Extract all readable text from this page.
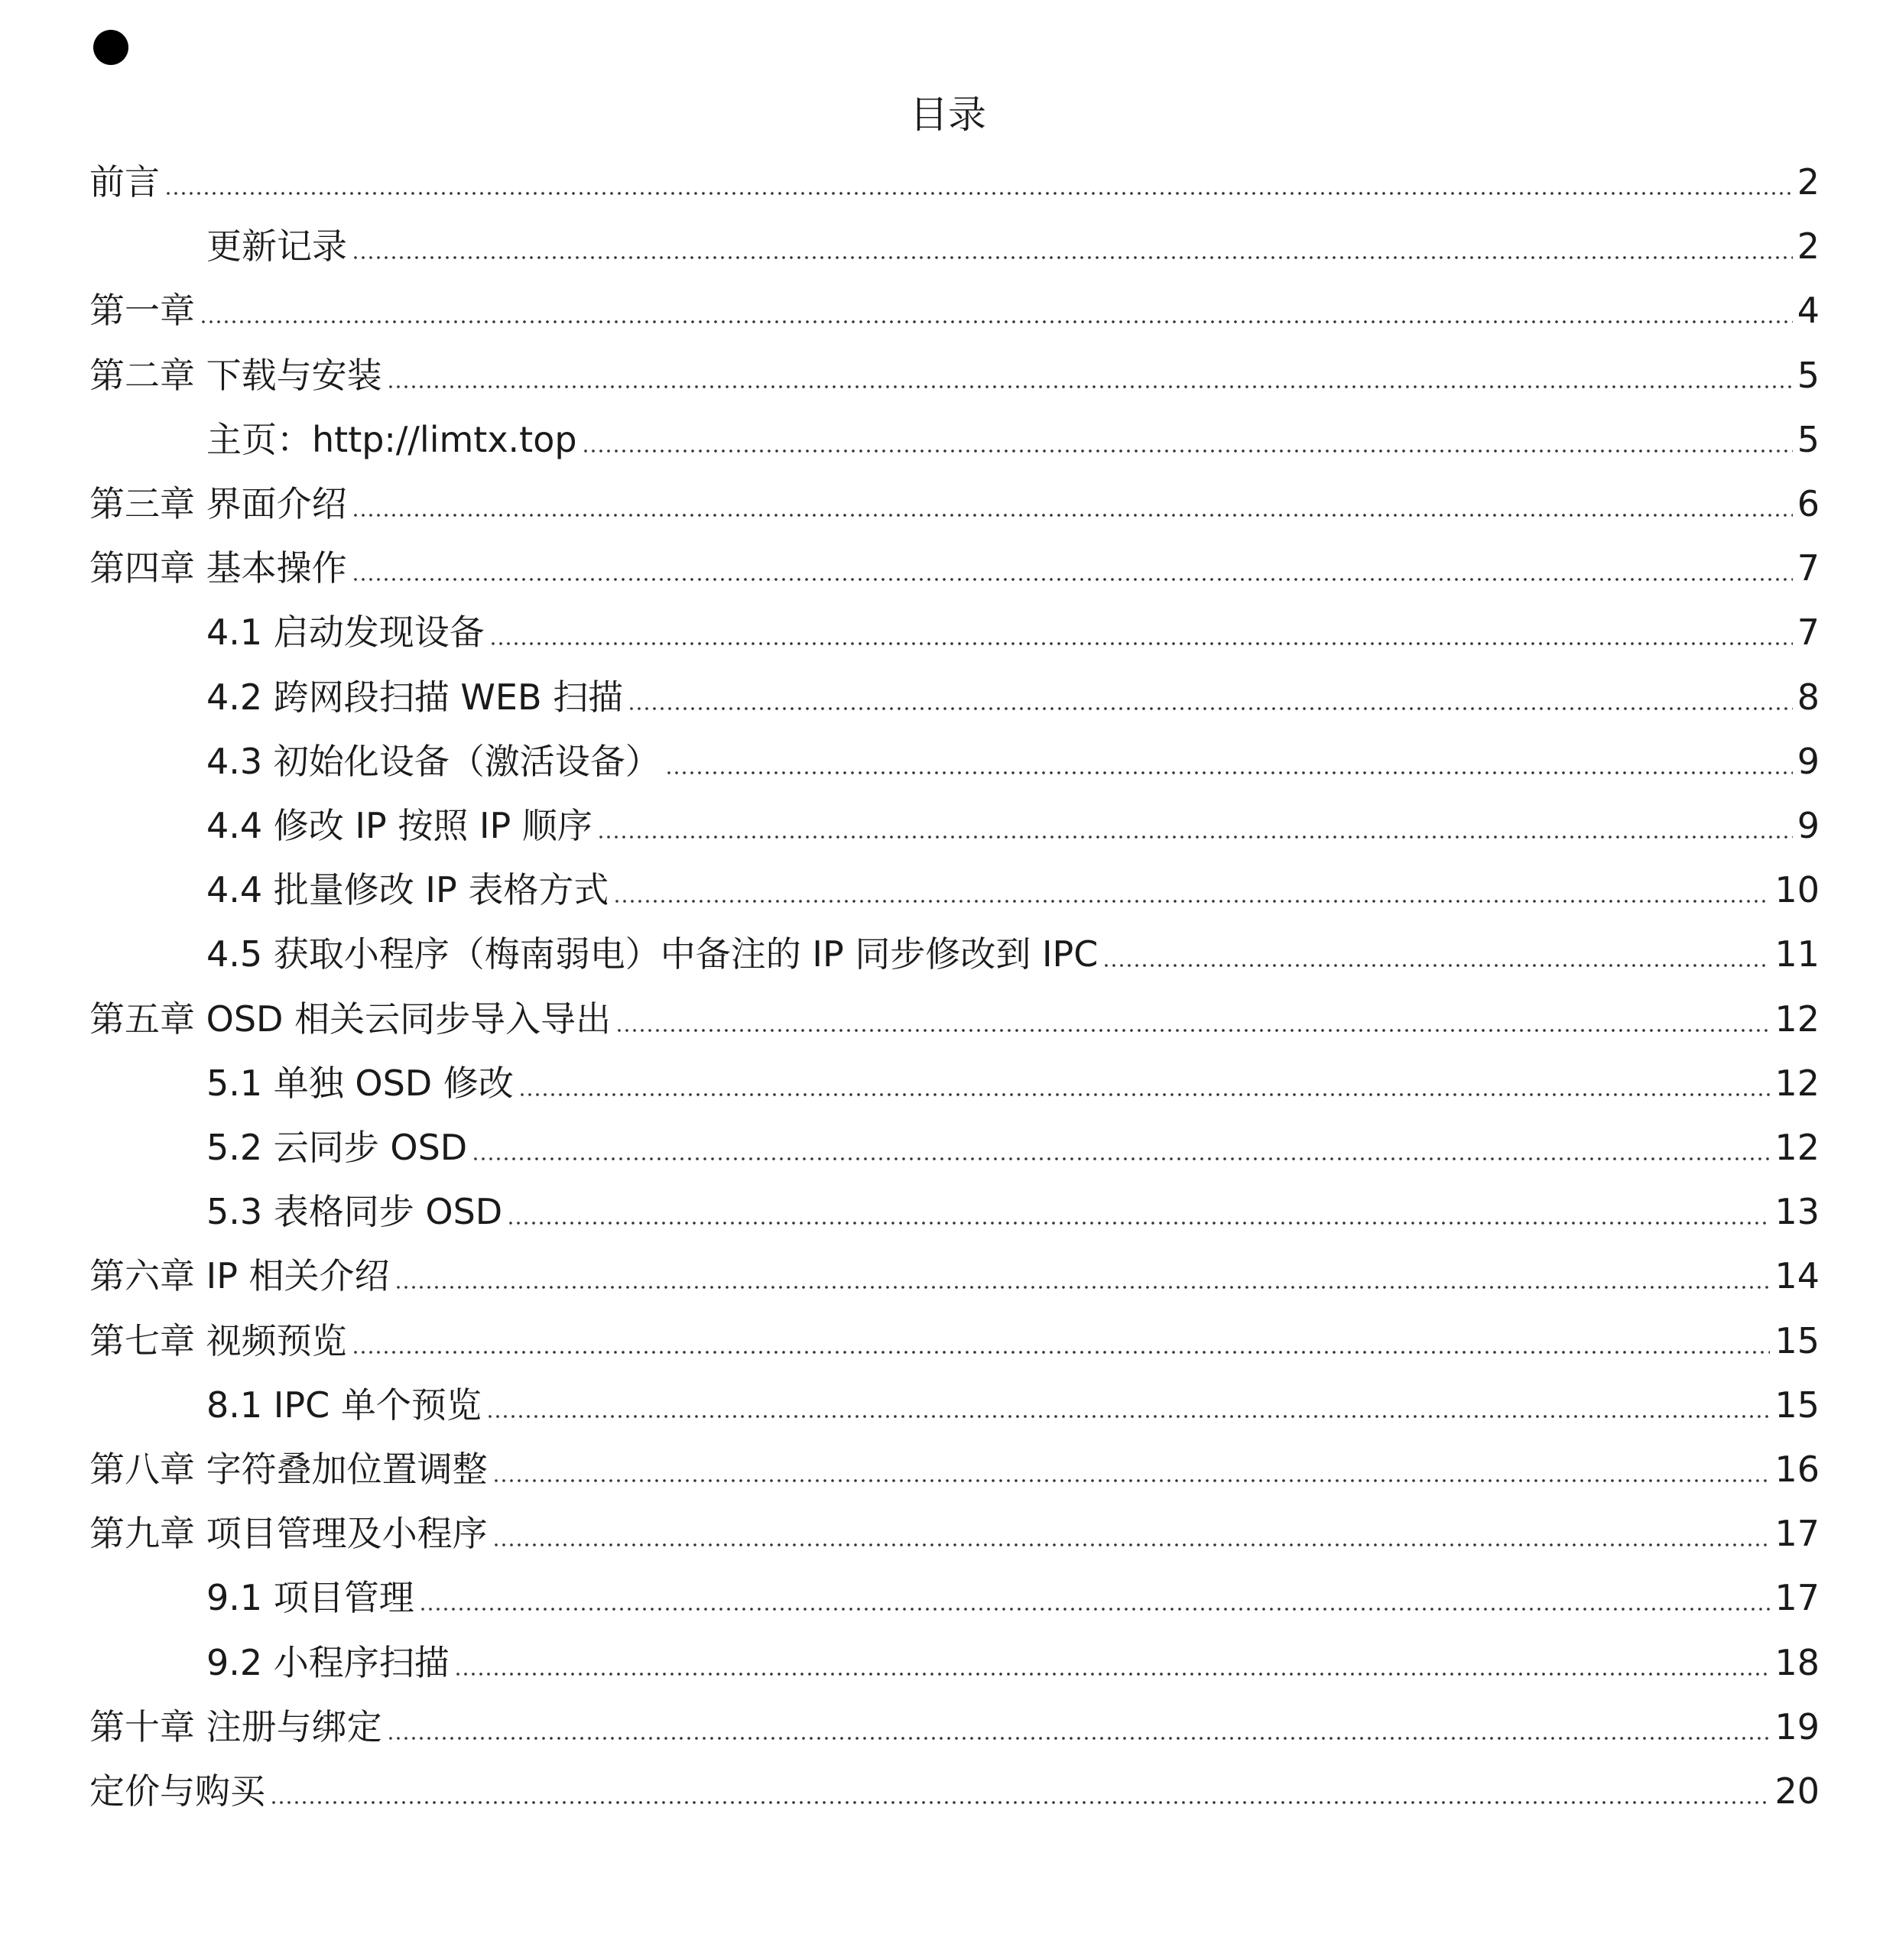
目录
前言	2
更新记录	2
第一章	4
第二章 下载与安装	5
主页：http://limtx.top	5
第三章 界面介绍	6
第四章 基本操作	7
4.1 启动发现设备	7
4.2 跨网段扫描 WEB 扫描	8
4.3 初始化设备（激活设备）	9
4.4 修改 IP 按照 IP 顺序	9
4.4 批量修改 IP 表格方式	10
4.5 获取小程序（梅南弱电）中备注的 IP 同步修改到 IPC	11
第五章 OSD 相关云同步导入导出	12
5.1 单独 OSD 修改	12
5.2 云同步 OSD	12
5.3 表格同步 OSD	13
第六章 IP 相关介绍	14
第七章 视频预览	15
8.1 IPC 单个预览	15
第八章 字符叠加位置调整	16
第九章 项目管理及小程序	17
9.1 项目管理	17
9.2 小程序扫描	18
第十章 注册与绑定	19
定价与购买	20
